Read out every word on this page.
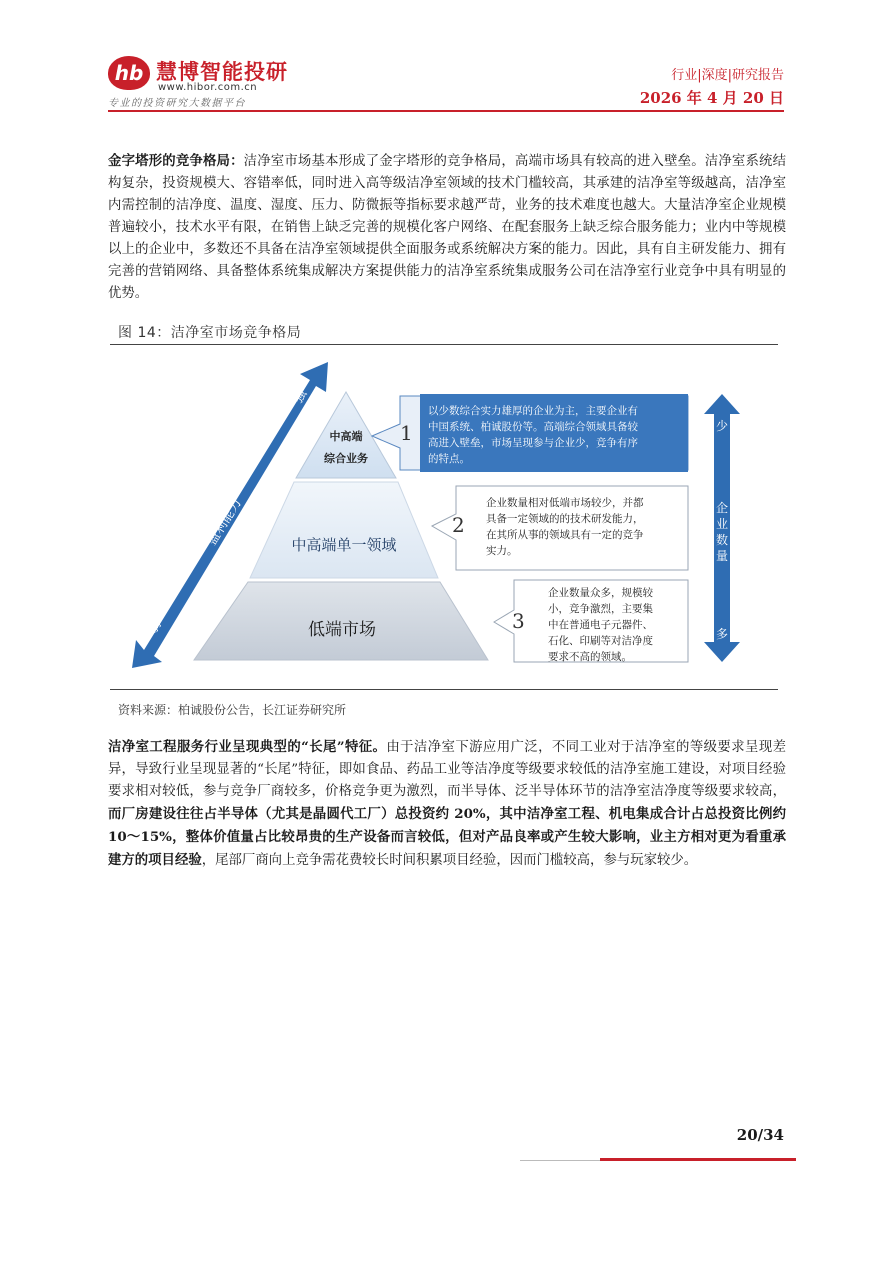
hb 慧博智能投研
www.hibor.com.cn
专业的投资研究大数据平台
行业|深度|研究报告
2026 年 4 月 20 日
金字塔形的竞争格局：洁净室市场基本形成了金字塔形的竞争格局，高端市场具有较高的进入壁垒。洁净室系统结构复杂，投资规模大、容错率低，同时进入高等级洁净室领域的技术门槛较高，其承建的洁净室等级越高，洁净室内需控制的洁净度、温度、湿度、压力、防微振等指标要求越严苛，业务的技术难度也越大。大量洁净室企业规模普遍较小，技术水平有限，在销售上缺乏完善的规模化客户网络、在配套服务上缺乏综合服务能力；业内中等规模以上的企业中，多数还不具备在洁净室领域提供全面服务或系统解决方案的能力。因此，具有自主研发能力、拥有完善的营销网络、具备整体系统集成解决方案提供能力的洁净室系统集成服务公司在洁净室行业竞争中具有明显的优势。
图 14：洁净室市场竞争格局
强
盈利能力
弱
中高端
综合业务
中高端单一领域
低端市场
1
以少数综合实力雄厚的企业为主，主要企业有
中国系统、柏诚股份等。高端综合领域具备较
高进入壁垒，市场呈现参与企业少，竞争有序
的特点。
2
企业数量相对低端市场较少，并都
具备一定领域的的技术研发能力，
在其所从事的领域具有一定的竞争
实力。
3
企业数量众多，规模较
小，竞争激烈，主要集
中在普通电子元器件、
石化、印刷等对洁净度
要求不高的领域。
少
企
业
数
量
多
资料来源：柏诚股份公告，长江证券研究所
洁净室工程服务行业呈现典型的“长尾”特征。由于洁净室下游应用广泛，不同工业对于洁净室的等级要求呈现差异，导致行业呈现显著的“长尾”特征，即如食品、药品工业等洁净度等级要求较低的洁净室施工建设，对项目经验要求相对较低，参与竞争厂商较多，价格竞争更为激烈，而半导体、泛半导体环节的洁净室洁净度等级要求较高，而厂房建设往往占半导体（尤其是晶圆代工厂）总投资约 20%，其中洁净室工程、机电集成合计占总投资比例约 10～15%，整体价值量占比较昂贵的生产设备而言较低，但对产品良率或产生较大影响，业主方相对更为看重承建方的项目经验，尾部厂商向上竞争需花费较长时间积累项目经验，因而门槛较高，参与玩家较少。
20/34
